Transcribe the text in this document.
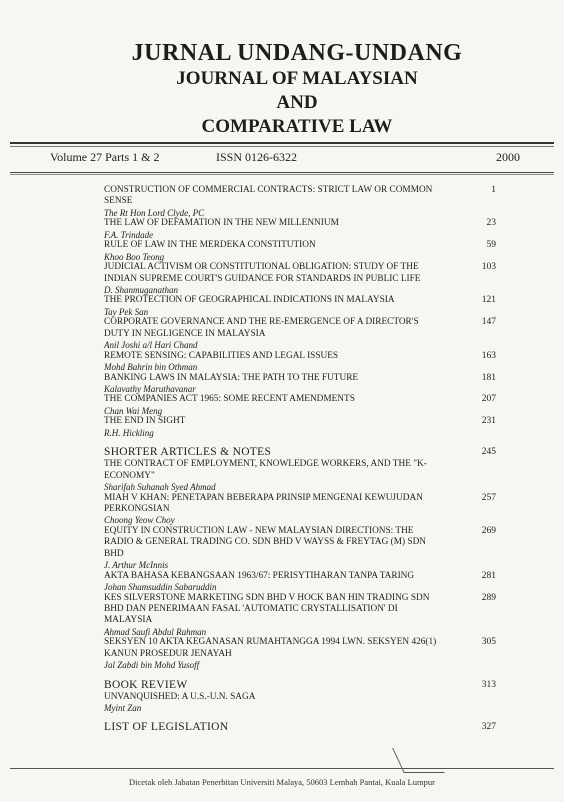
JURNAL UNDANG-UNDANG
JOURNAL OF MALAYSIAN
AND
COMPARATIVE LAW
Volume 27 Parts 1 & 2	ISSN 0126-6322	2000
CONSTRUCTION OF COMMERCIAL CONTRACTS: STRICT LAW OR COMMON SENSE
The Rt Hon Lord Clyde, PC
1
THE LAW OF DEFAMATION IN THE NEW MILLENNIUM
F.A. Trindade
23
RULE OF LAW IN THE MERDEKA CONSTITUTION
Khoo Boo Teong
59
JUDICIAL ACTIVISM OR CONSTITUTIONAL OBLIGATION: STUDY OF THE INDIAN SUPREME COURT'S GUIDANCE FOR STANDARDS IN PUBLIC LIFE
D. Shanmuganathan
103
THE PROTECTION OF GEOGRAPHICAL INDICATIONS IN MALAYSIA
Tay Pek San
121
CORPORATE GOVERNANCE AND THE RE-EMERGENCE OF A DIRECTOR'S DUTY IN NEGLIGENCE IN MALAYSIA
Anil Joshi a/l Hari Chand
147
REMOTE SENSING: CAPABILITIES AND LEGAL ISSUES
Mohd Bahrin bin Othman
163
BANKING LAWS IN MALAYSIA: THE PATH TO THE FUTURE
Kalavathy Maruthavanar
181
THE COMPANIES ACT 1965: SOME RECENT AMENDMENTS
Chan Wai Meng
207
THE END IN SIGHT
R.H. Hickling
231
SHORTER ARTICLES & NOTES	245
THE CONTRACT OF EMPLOYMENT, KNOWLEDGE WORKERS, AND THE "K-ECONOMY"
Sharifah Suhanah Syed Ahmad
MIAH V KHAN: PENETAPAN BEBERAPA PRINSIP MENGENAI KEWUJUDAN PERKONGSIAN
Choong Yeow Choy
257
EQUITY IN CONSTRUCTION LAW - NEW MALAYSIAN DIRECTIONS: THE RADIO & GENERAL TRADING CO. SDN BHD V WAYSS & FREYTAG (M) SDN BHD
J. Arthur McInnis
269
AKTA BAHASA KEBANGSAAN 1963/67: PERISYTIHARAN TANPA TARING
Johan Shamsuddin Sabaruddin
281
KES SILVERSTONE MARKETING SDN BHD V HOCK BAN HIN TRADING SDN BHD DAN PENERIMAAN FASAL 'AUTOMATIC CRYSTALLISATION' DI MALAYSIA
Ahmad Saufi Abdul Rahman
289
SEKSYEN 10 AKTA KEGANASAN RUMAHTANGGA 1994 LWN. SEKSYEN 426(1) KANUN PROSEDUR JENAYAH
Jal Zabdi bin Mohd Yusoff
305
BOOK REVIEW	313
UNVANQUISHED: A U.S.-U.N. SAGA
Myint Zan
LIST OF LEGISLATION	327
Dicetak oleh Jabatan Penerbitan Universiti Malaya, 50603 Lembah Pantai, Kuala Lumpur
